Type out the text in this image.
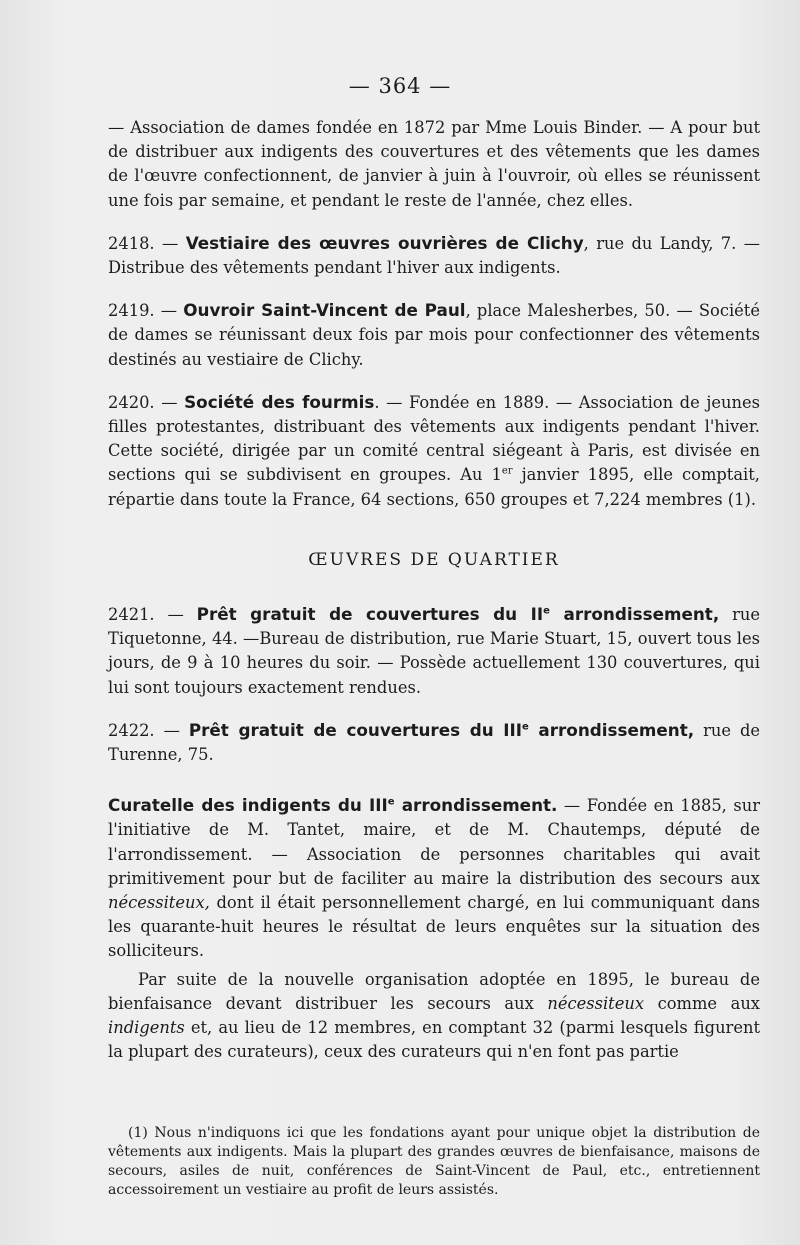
— 364 —

— Association de dames fondée en 1872 par Mme Louis Binder. — A pour but de distribuer aux indigents des couvertures et des vêtements que les dames de l'œuvre confectionnent, de janvier à juin à l'ouvroir, où elles se réunissent une fois par semaine, et pendant le reste de l'année, chez elles.

2418. — Vestiaire des œuvres ouvrières de Clichy, rue du Landy, 7. — Distribue des vêtements pendant l'hiver aux indigents.

2419. — Ouvroir Saint-Vincent de Paul, place Malesherbes, 50. — Société de dames se réunissant deux fois par mois pour confectionner des vêtements destinés au vestiaire de Clichy.

2420. — Société des fourmis. — Fondée en 1889. — Association de jeunes filles protestantes, distribuant des vêtements aux indigents pendant l'hiver. Cette société, dirigée par un comité central siégeant à Paris, est divisée en sections qui se subdivisent en groupes. Au 1er janvier 1895, elle comptait, répartie dans toute la France, 64 sections, 650 groupes et 7,224 membres (1).

ŒUVRES DE QUARTIER

2421. — Prêt gratuit de couvertures du IIe arrondissement, rue Tiquetonne, 44. —Bureau de distribution, rue Marie Stuart, 15, ouvert tous les jours, de 9 à 10 heures du soir. — Possède actuellement 130 couvertures, qui lui sont toujours exactement rendues.

2422. — Prêt gratuit de couvertures du IIIe arrondissement, rue de Turenne, 75.

Curatelle des indigents du IIIe arrondissement. — Fondée en 1885, sur l'initiative de M. Tantet, maire, et de M. Chautemps, député de l'arrondissement. — Association de personnes charitables qui avait primitivement pour but de faciliter au maire la distribution des secours aux nécessiteux, dont il était personnellement chargé, en lui communiquant dans les quarante-huit heures le résultat de leurs enquêtes sur la situation des solliciteurs.

Par suite de la nouvelle organisation adoptée en 1895, le bureau de bienfaisance devant distribuer les secours aux nécessiteux comme aux indigents et, au lieu de 12 membres, en comptant 32 (parmi lesquels figurent la plupart des curateurs), ceux des curateurs qui n'en font pas partie

(1) Nous n'indiquons ici que les fondations ayant pour unique objet la distribution de vêtements aux indigents. Mais la plupart des grandes œuvres de bienfaisance, maisons de secours, asiles de nuit, conférences de Saint-Vincent de Paul, etc., entretiennent accessoirement un vestiaire au profit de leurs assistés.
